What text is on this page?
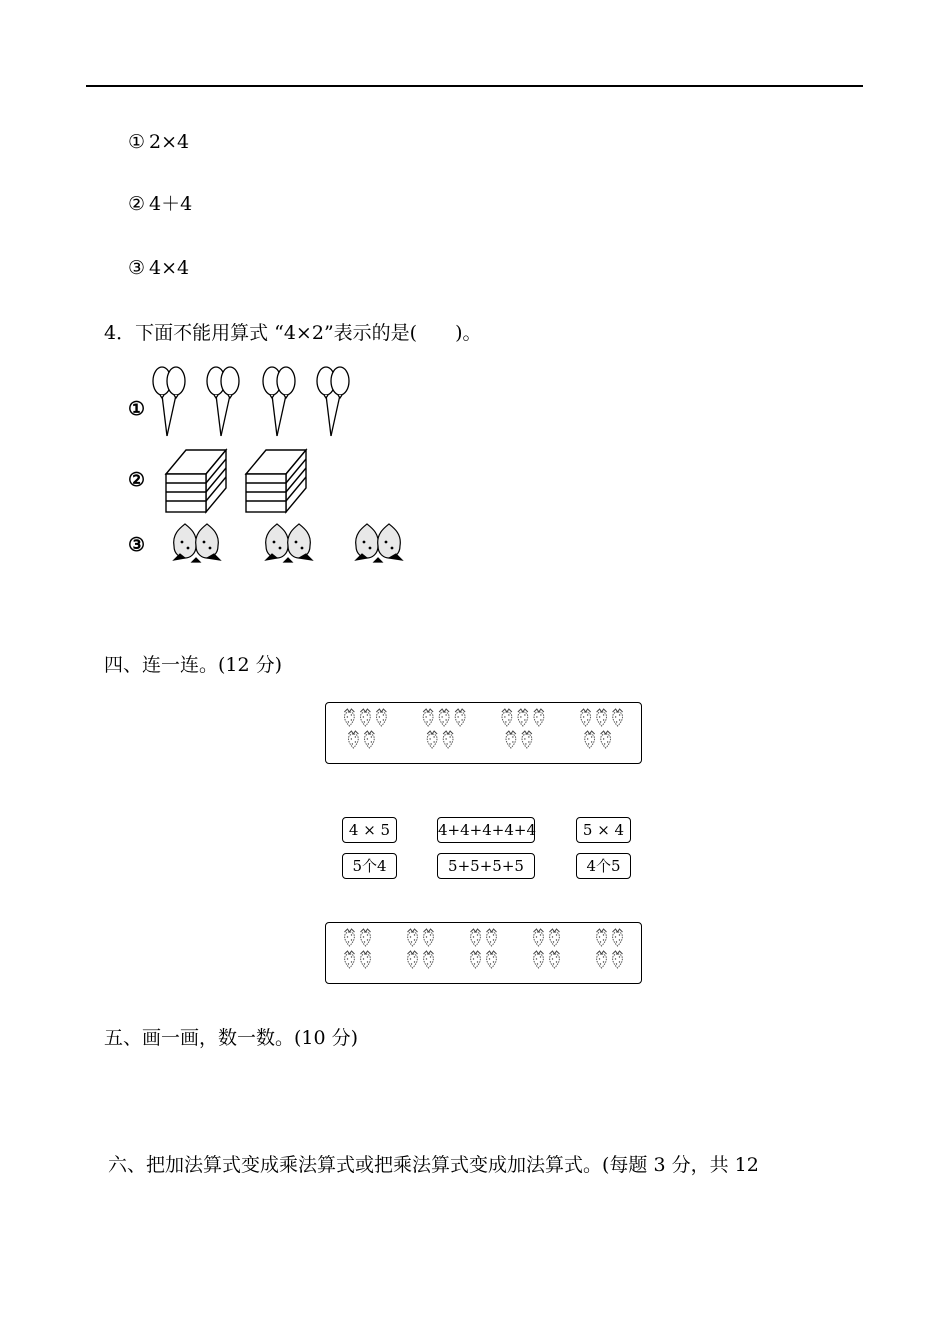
① 2×4
② 4＋4
③ 4×4
4．下面不能用算式 “4×2”表示的是(　　)。
①
②
③
四、连一连。(12 分)
4 × 5	4+4+4+4+4	5 × 4
5个4	5+5+5+5	4个5
五、画一画，数一数。(10 分)
六、把加法算式变成乘法算式或把乘法算式变成加法算式。(每题 3 分，共 12
